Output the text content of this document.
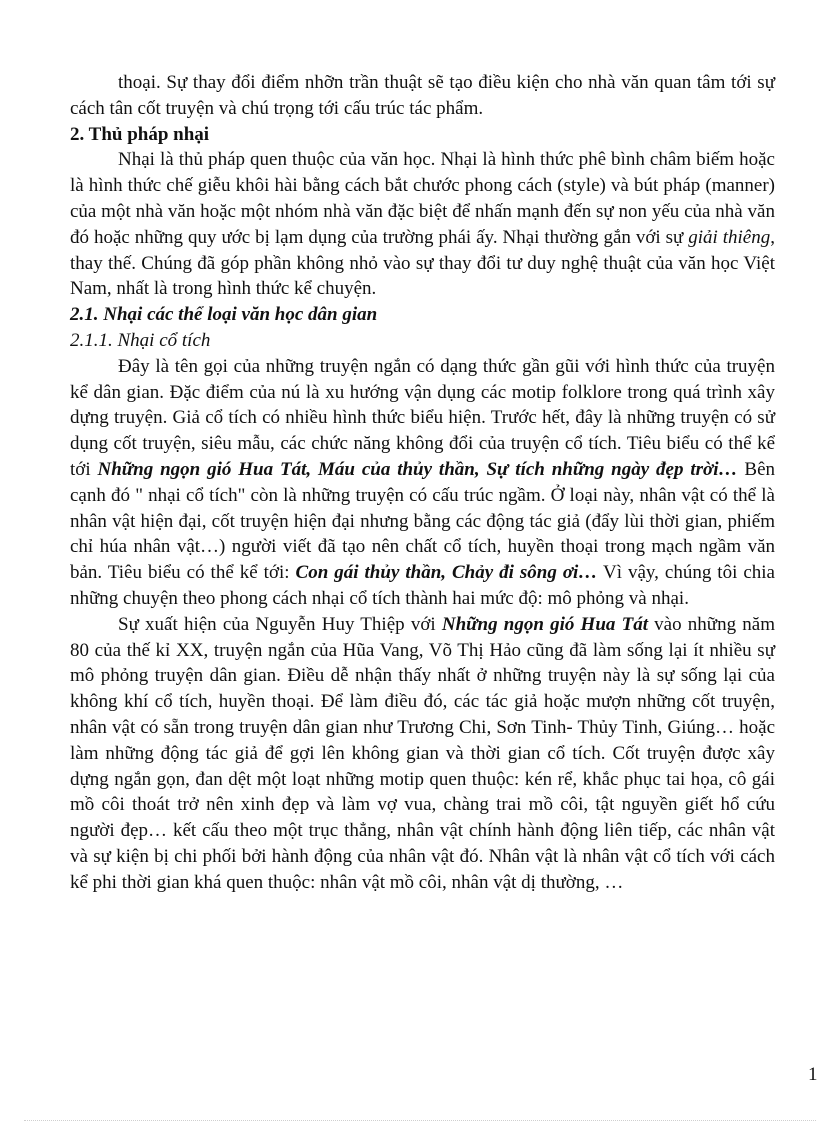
thoại. Sự thay đổi điểm nhỡn trần thuật sẽ tạo điều kiện cho nhà văn quan tâm tới sự cách tân cốt truyện và chú trọng tới cấu trúc tác phẩm.

2. Thủ pháp nhại

Nhại là thủ pháp quen thuộc của văn học. Nhại là hình thức phê bình châm biếm hoặc là hình thức chế giễu khôi hài bằng cách bắt chước phong cách (style) và bút pháp (manner) của một nhà văn hoặc một nhóm nhà văn đặc biệt để nhấn mạnh đến sự non yếu của nhà văn đó hoặc những quy ước bị lạm dụng của trường phái ấy. Nhại thường gắn với sự giải thiêng, thay thế. Chúng đã góp phần không nhỏ vào sự thay đổi tư duy nghệ thuật của văn học Việt Nam, nhất là trong hình thức kể chuyện.

2.1. Nhại các thể loại văn học dân gian

2.1.1. Nhại cổ tích

Đây là tên gọi của những truyện ngắn có dạng thức gần gũi với hình thức của truyện kể dân gian. Đặc điểm của nú là xu hướng vận dụng các motip folklore trong quá trình xây dựng truyện. Giả cổ tích có nhiều hình thức biểu hiện. Trước hết, đây là những truyện có sử dụng cốt truyện, siêu mẫu, các chức năng không đổi của truyện cổ tích. Tiêu biểu có thể kể tới Những ngọn gió Hua Tát, Máu của thủy thần, Sự tích những ngày đẹp trời… Bên cạnh đó " nhại cổ tích" còn là những truyện có cấu trúc ngầm. Ở loại này, nhân vật có thể là nhân vật hiện đại, cốt truyện hiện đại nhưng bằng các động tác giả (đẩy lùi thời gian, phiếm chỉ húa nhân vật…) người viết đã tạo nên chất cổ tích, huyền thoại trong mạch ngầm văn bản. Tiêu biểu có thể kể tới: Con gái thủy thần, Chảy đi sông ơi… Vì vậy, chúng tôi chia những chuyện theo phong cách nhại cổ tích thành hai mức độ: mô phỏng và nhại.

Sự xuất hiện của Nguyễn Huy Thiệp với Những ngọn gió Hua Tát vào những năm 80 của thế kỉ XX, truyện ngắn của Hũa Vang, Võ Thị Hảo cũng đã làm sống lại ít nhiều sự mô phỏng truyện dân gian. Điều dễ nhận thấy nhất ở những truyện này là sự sống lại của không khí cổ tích, huyền thoại. Để làm điều đó, các tác giả hoặc mượn những cốt truyện, nhân vật có sẵn trong truyện dân gian như Trương Chi, Sơn Tinh- Thủy Tinh, Giúng… hoặc làm những động tác giả để gợi lên không gian và thời gian cổ tích. Cốt truyện được xây dựng ngắn gọn, đan dệt một loạt những motip quen thuộc: kén rể, khắc phục tai họa, cô gái mồ côi thoát trở nên xinh đẹp và làm vợ vua, chàng trai mồ côi, tật nguyền giết hổ cứu người đẹp… kết cấu theo một trục thẳng, nhân vật chính hành động liên tiếp, các nhân vật và sự kiện bị chi phối bởi hành động của nhân vật đó. Nhân vật là nhân vật cổ tích với cách kể phi thời gian khá quen thuộc: nhân vật mồ côi, nhân vật dị thường, …

1
